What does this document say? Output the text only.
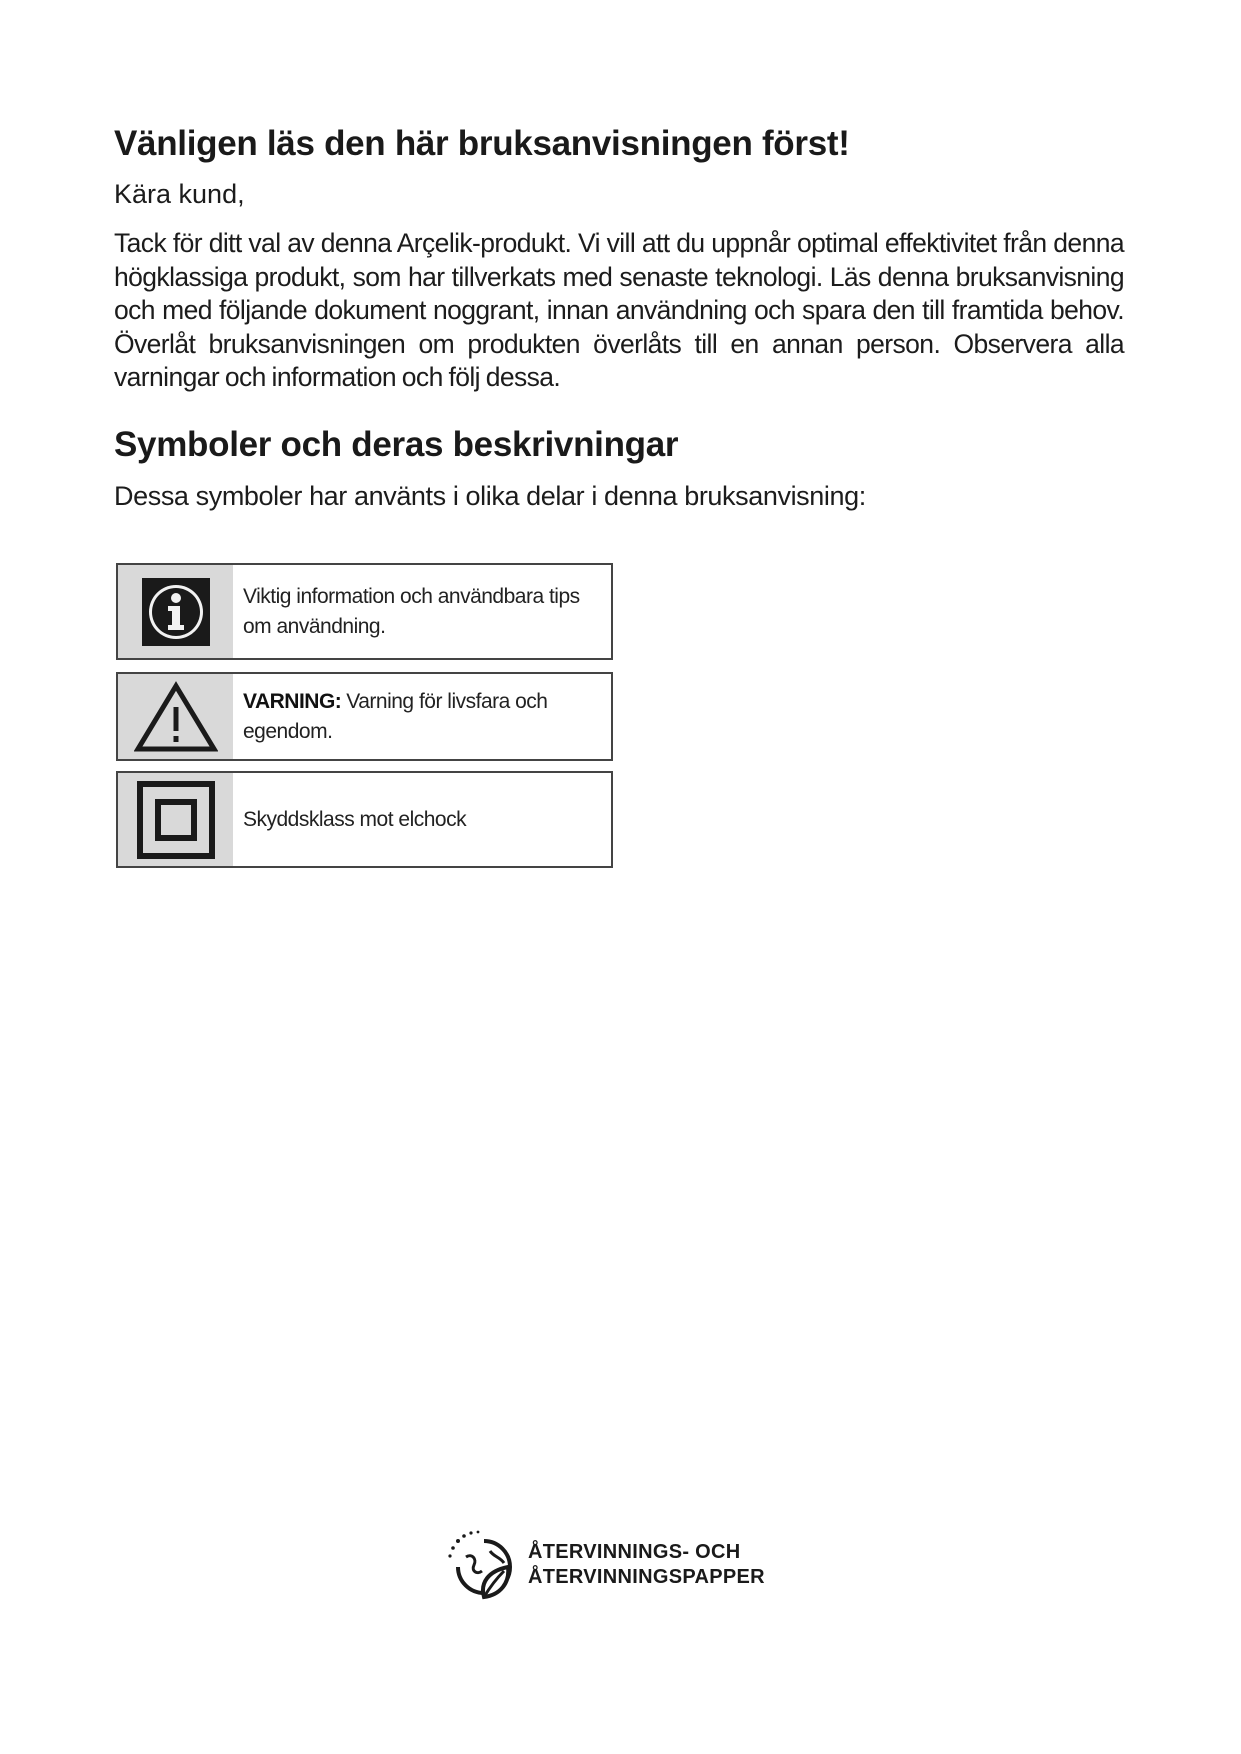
Vänligen läs den här bruksanvisningen först!

Kära kund,

Tack för ditt val av denna Arçelik-produkt. Vi vill att du uppnår optimal effektivitet från denna högklassiga produkt, som har tillverkats med senaste teknologi. Läs denna bruksanvisning och med följande dokument noggrant, innan användning och spara den till framtida behov. Överlåt bruksanvisningen om produkten överlåts till en annan person. Observera alla varningar och information och följ dessa.

Symboler och deras beskrivningar

Dessa symboler har använts i olika delar i denna bruksanvisning:

Viktig information och användbara tips om användning.
VARNING: Varning för livsfara och egendom.
Skyddsklass mot elchock
ÅTERVINNINGS- OCH
ÅTERVINNINGSPAPPER
